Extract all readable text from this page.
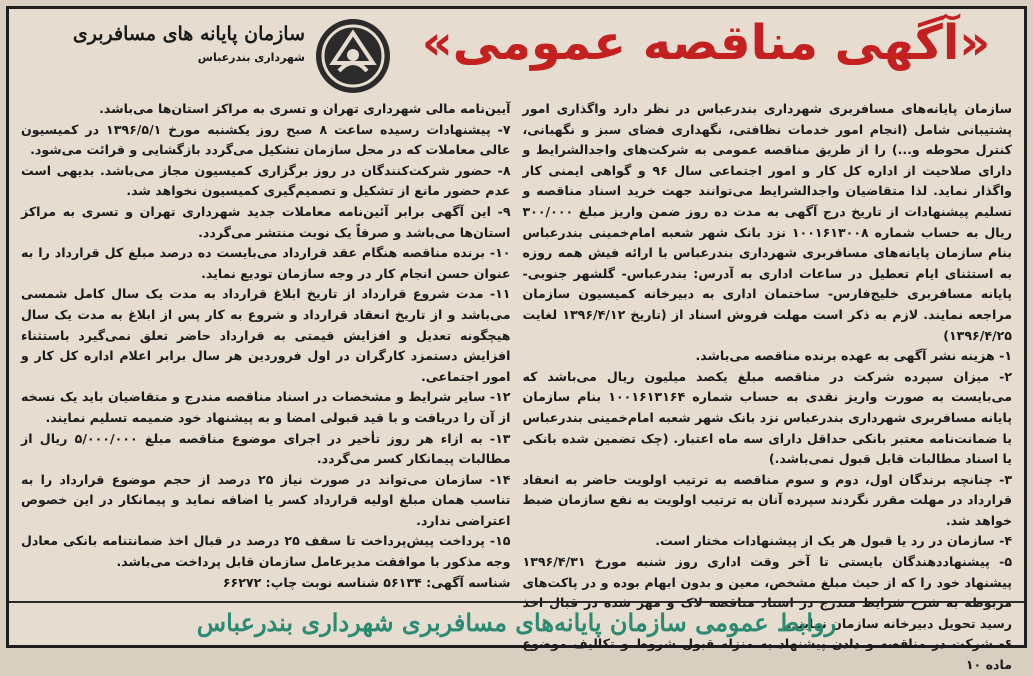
«آگهی مناقصه عمومی»
سازمان پایانه های مسافربری
شهرداری بندرعباس

سازمان پایانه‌های مسافربری شهرداری بندرعباس در نظر دارد واگذاری امور پشتیبانی شامل (انجام امور خدمات نظافتی، نگهداری فضای سبز و نگهبانی، کنترل محوطه و...) را از طریق مناقصه عمومی به شرکت‌های واجدالشرایط و دارای صلاحیت از اداره کل کار و امور اجتماعی سال ۹۶ و گواهی ایمنی کار واگذار نماید. لذا متقاضیان واجدالشرایط می‌توانند جهت خرید اسناد مناقصه و تسلیم پیشنهادات از تاریخ درج آگهی به مدت ده روز ضمن واریز مبلغ ۳۰۰/۰۰۰ ریال به حساب شماره ۱۰۰۱۶۱۳۰۰۸ نزد بانک شهر شعبه امام‌خمینی بندرعباس بنام سازمان پایانه‌های مسافربری شهرداری بندرعباس با ارائه فیش همه روزه به استثنای ایام تعطیل در ساعات اداری به آدرس: بندرعباس- گلشهر جنوبی- پایانه مسافربری خلیج‌فارس- ساختمان اداری به دبیرخانه کمیسیون سازمان مراجعه نمایند. لازم به ذکر است مهلت فروش اسناد از (تاریخ ۱۳۹۶/۴/۱۲ لغایت ۱۳۹۶/۴/۲۵)

۱- هزینه نشر آگهی به عهده برنده مناقصه می‌باشد.

۲- میزان سپرده شرکت در مناقصه مبلغ یکصد میلیون ریال می‌باشد که می‌بایست به صورت واریز نقدی به حساب شماره ۱۰۰۱۶۱۳۱۶۴ بنام سازمان پایانه مسافربری شهرداری بندرعباس نزد بانک شهر شعبه امام‌خمینی بندرعباس یا ضمانت‌نامه معتبر بانکی حداقل دارای سه ماه اعتبار. (چک تضمین شده بانکی یا اسناد مطالبات قابل قبول نمی‌باشد.)

۳- چنانچه برندگان اول، دوم و سوم مناقصه به ترتیب اولویت حاضر به انعقاد قرارداد در مهلت مقرر نگردند سپرده آنان به ترتیب اولویت به نفع سازمان ضبط خواهد شد.

۴- سازمان در رد یا قبول هر یک از پیشنهادات مختار است.

۵- پیشنهاددهندگان بایستی تا آخر وقت اداری روز شنبه مورخ ۱۳۹۶/۴/۳۱ پیشنهاد خود را که از حیث مبلغ مشخص، معین و بدون ابهام بوده و در پاکت‌های مربوطه به شرح شرایط مندرج در اسناد مناقصه لاک و مهر شده در قبال اخذ رسید تحویل دبیرخانه سازمان نمایند.

۶- شرکت در مناقصه و دادن پیشنهاد به منزله قبول شروط و تکالیف موضوع ماده ۱۰

آیین‌نامه مالی شهرداری تهران و تسری به مراکز استان‌ها می‌باشد.

۷- پیشنهادات رسیده ساعت ۸ صبح روز یکشنبه مورخ ۱۳۹۶/۵/۱ در کمیسیون عالی معاملات که در محل سازمان تشکیل می‌گردد بازگشایی و قرائت می‌شود.

۸- حضور شرکت‌کنندگان در روز برگزاری کمیسیون مجاز می‌باشد. بدیهی است عدم حضور مانع از تشکیل و تصمیم‌گیری کمیسیون نخواهد شد.

۹- این آگهی برابر آئین‌نامه معاملات جدید شهرداری تهران و تسری به مراکز استان‌ها می‌باشد و صرفاً یک نوبت منتشر می‌گردد.

۱۰- برنده مناقصه هنگام عقد قرارداد می‌بایست ده درصد مبلغ کل قرارداد را به عنوان حسن انجام کار در وجه سازمان تودیع نماید.

۱۱- مدت شروع قرارداد از تاریخ ابلاغ قرارداد به مدت یک سال کامل شمسی می‌باشد و از تاریخ انعقاد قرارداد و شروع به کار پس از ابلاغ به مدت یک سال هیچگونه تعدیل و افزایش قیمتی به قرارداد حاضر تعلق نمی‌گیرد باستثناء افزایش دستمزد کارگران در اول فروردین هر سال برابر اعلام اداره کل کار و امور اجتماعی.

۱۲- سایر شرایط و مشخصات در اسناد مناقصه مندرج و متقاضیان باید یک نسخه از آن را دریافت و با قید قبولی امضا و به پیشنهاد خود ضمیمه تسلیم نمایند.

۱۳- به ازاء هر روز تأخیر در اجرای موضوع مناقصه مبلغ ۵/۰۰۰/۰۰۰ ریال از مطالبات پیمانکار کسر می‌گردد.

۱۴- سازمان می‌تواند در صورت نیاز ۲۵ درصد از حجم موضوع قرارداد را به تناسب همان مبلغ اولیه قرارداد کسر یا اضافه نماید و پیمانکار در این خصوص اعتراضی ندارد.

۱۵- پرداخت پیش‌پرداخت تا سقف ۲۵ درصد در قبال اخذ ضمانتنامه بانکی معادل وجه مذکور با موافقت مدیرعامل سازمان قابل پرداخت می‌باشد.

شناسه آگهی: ۵۶۱۳۴ شناسه نوبت چاپ: ۶۶۲۷۲

روابط عمومی سازمان پایانه‌های مسافربری شهرداری بندرعباس
